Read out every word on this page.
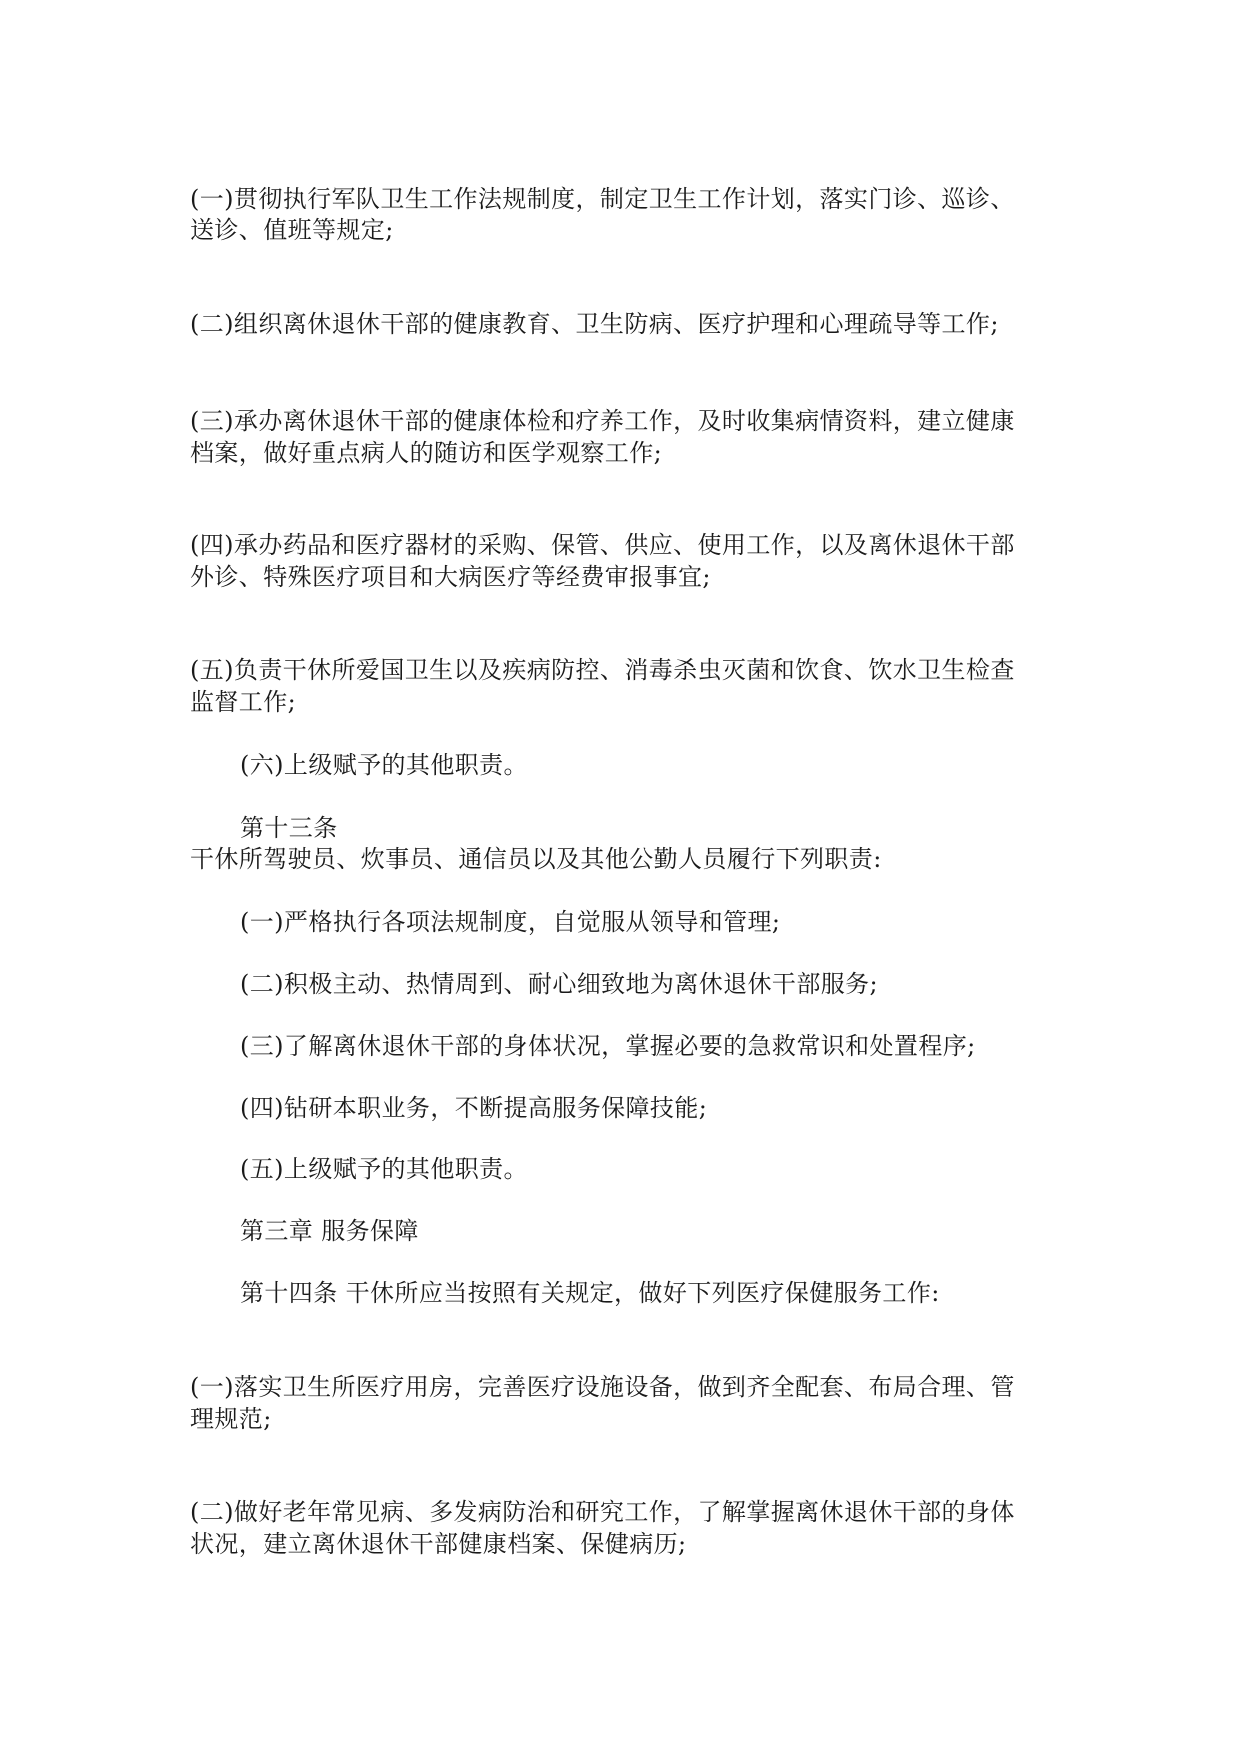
(一)贯彻执行军队卫生工作法规制度，制定卫生工作计划，落实门诊、巡诊、
送诊、值班等规定;
(二)组织离休退休干部的健康教育、卫生防病、医疗护理和心理疏导等工作;
(三)承办离休退休干部的健康体检和疗养工作，及时收集病情资料，建立健康
档案，做好重点病人的随访和医学观察工作;
(四)承办药品和医疗器材的采购、保管、供应、使用工作，以及离休退休干部
外诊、特殊医疗项目和大病医疗等经费审报事宜;
(五)负责干休所爱国卫生以及疾病防控、消毒杀虫灭菌和饮食、饮水卫生检查
监督工作;
(六)上级赋予的其他职责。
第十三条
干休所驾驶员、炊事员、通信员以及其他公勤人员履行下列职责:
(一)严格执行各项法规制度，自觉服从领导和管理;
(二)积极主动、热情周到、耐心细致地为离休退休干部服务;
(三)了解离休退休干部的身体状况，掌握必要的急救常识和处置程序;
(四)钻研本职业务，不断提高服务保障技能;
(五)上级赋予的其他职责。
第三章 服务保障
第十四条 干休所应当按照有关规定，做好下列医疗保健服务工作:
(一)落实卫生所医疗用房，完善医疗设施设备，做到齐全配套、布局合理、管
理规范;
(二)做好老年常见病、多发病防治和研究工作，了解掌握离休退休干部的身体
状况，建立离休退休干部健康档案、保健病历;
